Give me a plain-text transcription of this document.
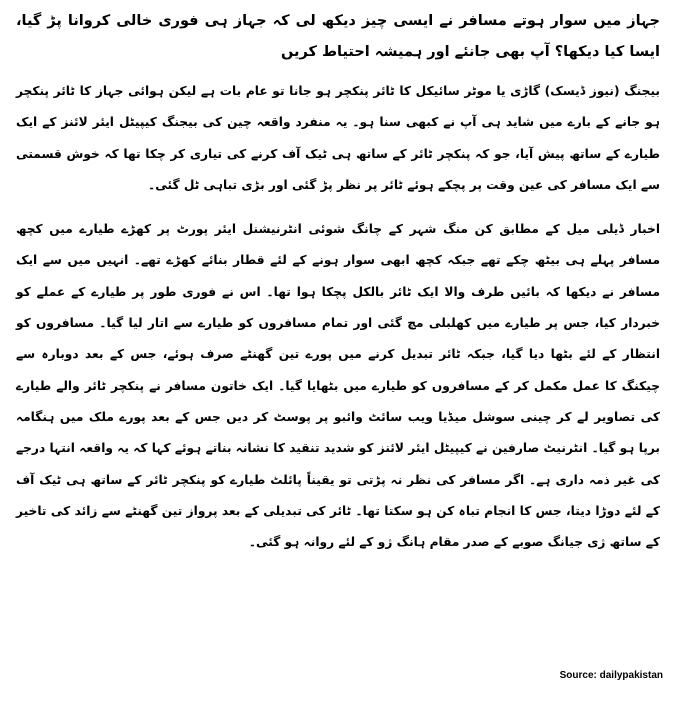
جہاز میں سوار ہوتے مسافر نے ایسی چیز دیکھ لی کہ جہاز ہی فوری خالی کروانا پڑ گیا، ایسا کیا دیکھا؟ آپ بھی جانئے اور ہمیشہ احتیاط کریں

بیجنگ (نیوز ڈیسک) گاڑی یا موٹر سائیکل کا ٹائر پنکچر ہو جانا تو عام بات ہے لیکن ہوائی جہاز کا ٹائر پنکچر ہو جانے کے بارے میں شاید ہی آپ نے کبھی سنا ہو۔ یہ منفرد واقعہ چین کی بیجنگ کیپیٹل ایئر لائنز کے ایک طیارے کے ساتھ پیش آیا، جو کہ پنکچر ٹائر کے ساتھ ہی ٹیک آف کرنے کی تیاری کر چکا تھا کہ خوش قسمتی سے ایک مسافر کی عین وقت پر پچکے ہوئے ٹائر پر نظر پڑ گئی اور بڑی تباہی ٹل گئی۔

اخبار ڈیلی میل کے مطابق کن منگ شہر کے چانگ شوئی انٹرنیشنل ایئر پورٹ پر کھڑے طیارے میں کچھ مسافر پہلے ہی بیٹھ چکے تھے جبکہ کچھ ابھی سوار ہونے کے لئے قطار بنائے کھڑے تھے۔ انہیں میں سے ایک مسافر نے دیکھا کہ بائیں طرف والا ایک ٹائر بالکل پچکا ہوا تھا۔ اس نے فوری طور پر طیارے کے عملے کو خبردار کیا، جس پر طیارے میں کھلبلی مچ گئی اور تمام مسافروں کو طیارے سے اتار لیا گیا۔ مسافروں کو انتظار کے لئے بٹھا دیا گیا، جبکہ ٹائر تبدیل کرنے میں پورے تین گھنٹے صرف ہوئے، جس کے بعد دوبارہ سے چیکنگ کا عمل مکمل کر کے مسافروں کو طیارے میں بٹھایا گیا۔ ایک خاتون مسافر نے پنکچر ٹائر والے طیارے کی تصاویر لے کر چینی سوشل میڈیا ویب سائٹ وائبو پر پوسٹ کر دیں جس کے بعد پورے ملک میں ہنگامہ برپا ہو گیا۔ انٹرنیٹ صارفین نے کیپیٹل ایئر لائنز کو شدید تنقید کا نشانہ بناتے ہوئے کہا کہ یہ واقعہ انتہا درجے کی غیر ذمہ داری ہے۔ اگر مسافر کی نظر نہ پڑتی تو یقیناً پائلٹ طیارے کو پنکچر ٹائر کے ساتھ ہی ٹیک آف کے لئے دوڑا دیتا، جس کا انجام تباہ کن ہو سکتا تھا۔ ٹائر کی تبدیلی کے بعد پرواز تین گھنٹے سے زائد کی تاخیر کے ساتھ ژی جیانگ صوبے کے صدر مقام ہانگ ژو کے لئے روانہ ہو گئی۔

Source: dailypakistan
